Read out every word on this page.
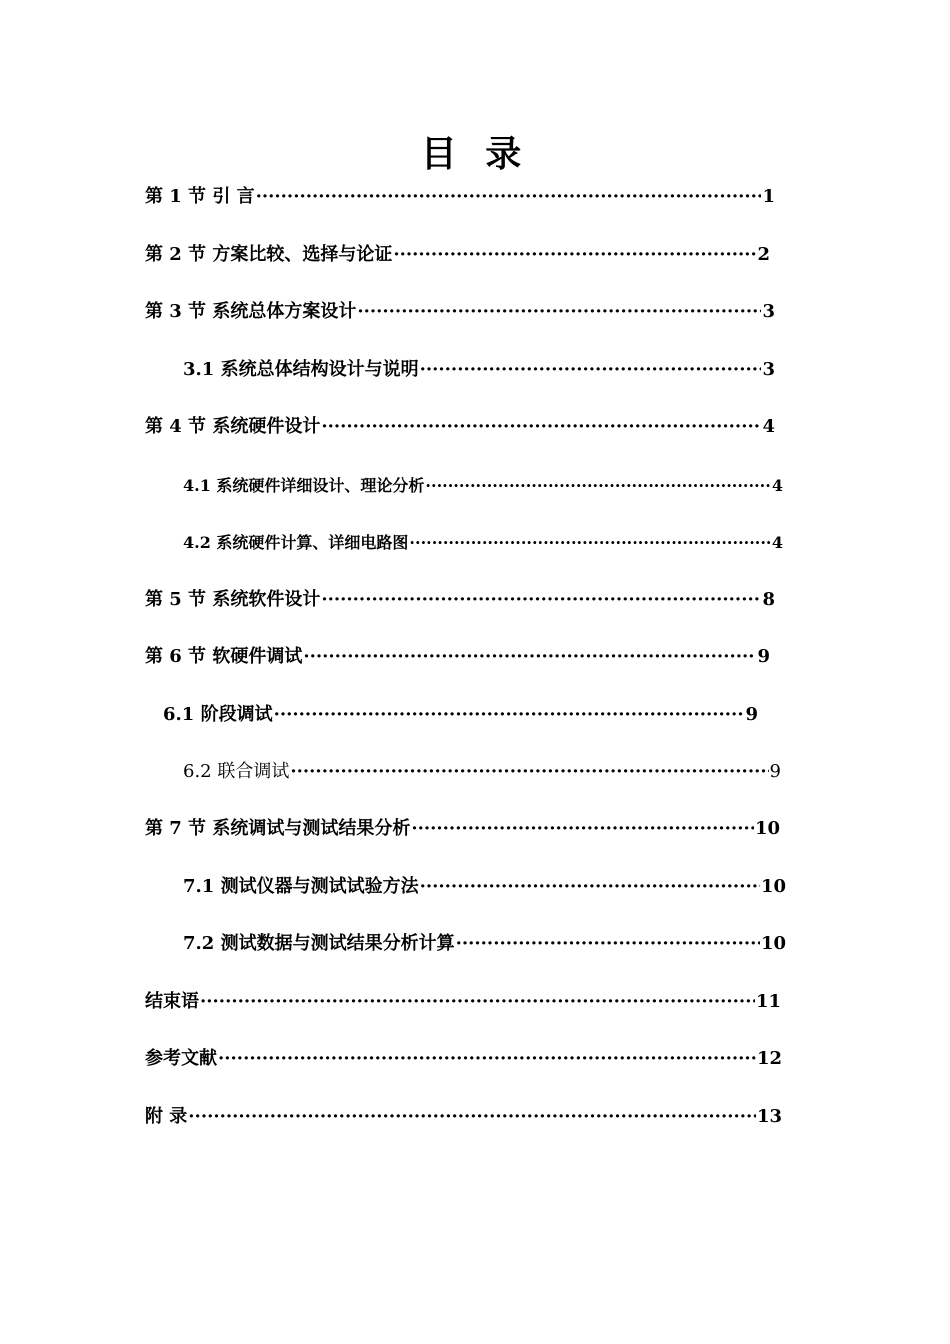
目 录
第 1 节 引 言 ·····	1
第 2 节 方案比较、选择与论证 ·····	2
第 3 节 系统总体方案设计 ·····	3
3.1 系统总体结构设计与说明 ·····	3
第 4 节 系统硬件设计 ·····	4
4.1 系统硬件详细设计、理论分析 ·····	4
4.2 系统硬件计算、详细电路图 ·····	4
第 5 节 系统软件设计 ·····	8
第 6 节 软硬件调试 ·····	9
6.1 阶段调试 ·····	9
6.2 联合调试 ·····	9
第 7 节 系统调试与测试结果分析 ·····	10
7.1 测试仪器与测试试验方法 ·····	10
7.2 测试数据与测试结果分析计算 ·····	10
结束语 ·····	11
参考文献 ·····	12
附 录 ·····	13
